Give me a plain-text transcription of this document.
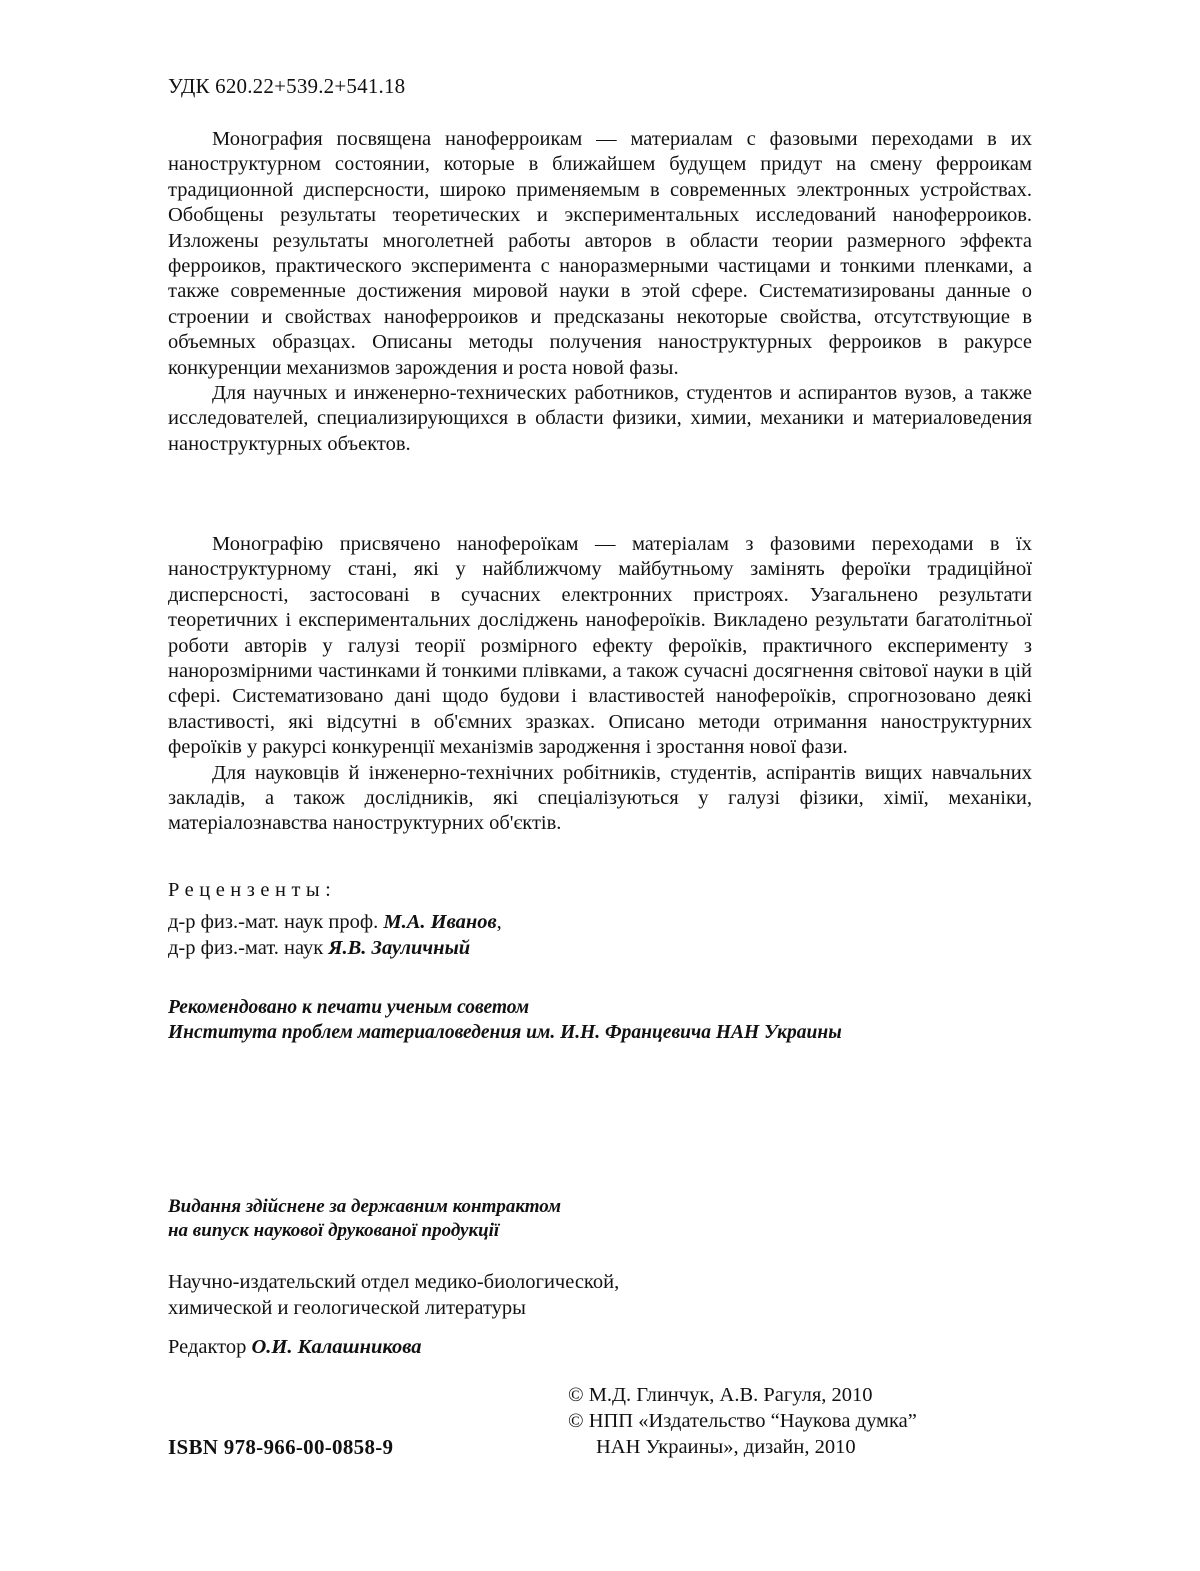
УДК 620.22+539.2+541.18

Монография посвящена наноферроикам — материалам с фазовыми переходами в их наноструктурном состоянии, которые в ближайшем будущем придут на смену ферроикам традиционной дисперсности, широко применяемым в современных электронных устройствах. Обобщены результаты теоретических и экспериментальных исследований наноферроиков. Изложены результаты многолетней работы авторов в области теории размерного эффекта ферроиков, практического эксперимента с наноразмерными частицами и тонкими пленками, а также современные достижения мировой науки в этой сфере. Систематизированы данные о строении и свойствах наноферроиков и предсказаны некоторые свойства, отсутствующие в объемных образцах. Описаны методы получения наноструктурных ферроиков в ракурсе конкуренции механизмов зарождения и роста новой фазы.

Для научных и инженерно-технических работников, студентов и аспирантов вузов, а также исследователей, специализирующихся в области физики, химии, механики и материаловедения наноструктурных объектов.

Монографію присвячено наноферoїкам — матеріалам з фазовими переходами в їх наноструктурному стані, які у найближчому майбутньому замінять фероїки традиційної дисперсності, застосовані в сучасних електронних пристроях. Узагальнено результати теоретичних і експериментальних досліджень нанофероїків. Викладено результати багатолітньої роботи авторів у галузі теорії розмірного ефекту фероїків, практичного експерименту з нанорозмірними частинками й тонкими плівками, а також сучасні досягнення світової науки в цій сфері. Систематизовано дані щодо будови і властивостей нанофероїків, спрогнозовано деякі властивості, які відсутні в об'ємних зразках. Описано методи отримання наноструктурних фероїків у ракурсі конкуренції механізмів зародження і зростання нової фази.

Для науковців й інженерно-технічних робітників, студентів, аспірантів вищих навчальних закладів, а також дослідників, які спеціалізуються у галузі фізики, хімії, механіки, матеріалознавства наноструктурних об'єктів.

Рецензенты:
д-р физ.-мат. наук проф. М.А. Иванов,
д-р физ.-мат. наук Я.В. Зауличный
Рекомендовано к печати ученым советом
Института проблем материаловедения им. И.Н. Францевича НАН Украины
Видання здійснене за державним контрактом
на випуск наукової друкованої продукції
Научно-издательский отдел медико-биологической,
химической и геологической литературы
Редактор О.И. Калашникова
ISBN 978-966-00-0858-9
© М.Д. Глинчук, А.В. Рагуля, 2010
© НПП «Издательство “Наукова думка”
НАН Украины», дизайн, 2010
